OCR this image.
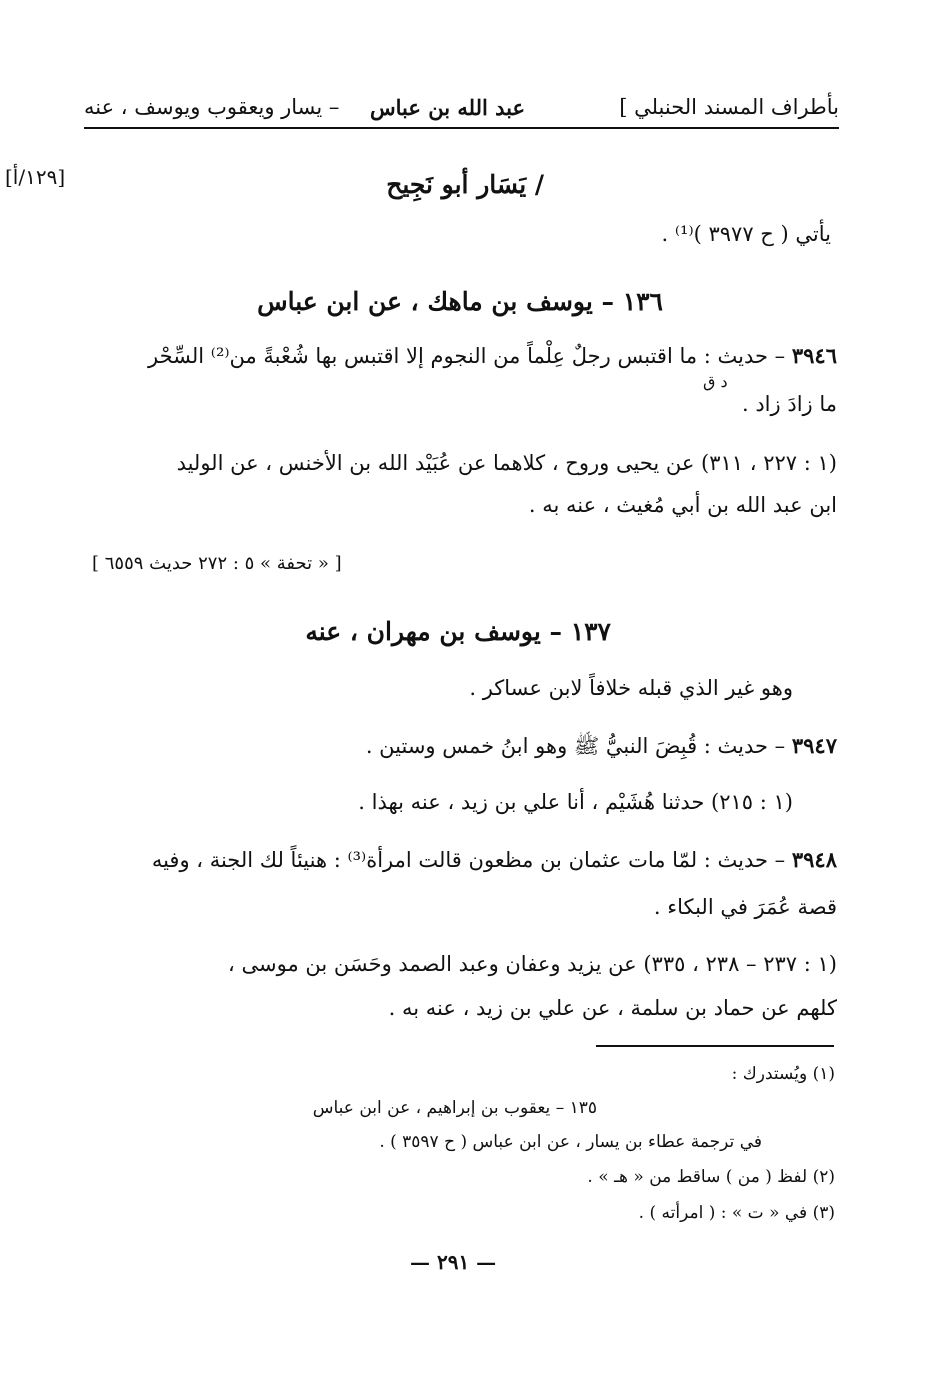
بأطراف المسند الحنبلي ]
عبد الله بن عباس
– يسار ويعقوب ويوسف ، عنه
[١٢٩/أ]	/ يَسَار أبو نَجِيح
يأتي ( ح ٣٩٧٧ )⁽¹⁾ .
١٣٦ – يوسف بن ماهك ، عن ابن عباس
٣٩٤٦ – حديث : ما اقتبس رجلٌ عِلْماً من النجوم إلا اقتبس بها شُعْبةً من⁽²⁾ السِّحْر
د ق
ما زادَ زاد .
(١ : ٢٢٧ ، ٣١١) عن يحيى وروح ، كلاهما عن عُبَيْد الله بن الأخنس ، عن الوليد
ابن عبد الله بن أبي مُغيث ، عنه به .
[ « تحفة » ٥ : ٢٧٢ حديث ٦٥٥٩ ]
١٣٧ – يوسف بن مهران ، عنه
وهو غير الذي قبله خلافاً لابن عساكر .
٣٩٤٧ – حديث : قُبِضَ النبيُّ ﷺ وهو ابنُ خمس وستين .
(١ : ٢١٥) حدثنا هُشَيْم ، أنا علي بن زيد ، عنه بهذا .
٣٩٤٨ – حديث : لمّا مات عثمان بن مظعون قالت امرأة⁽³⁾ : هنيئاً لك الجنة ، وفيه
قصة عُمَرَ في البكاء .
(١ : ٢٣٧ – ٢٣٨ ، ٣٣٥) عن يزيد وعفان وعبد الصمد وحَسَن بن موسى ،
كلهم عن حماد بن سلمة ، عن علي بن زيد ، عنه به .
(١) ويُستدرك :
١٣٥ – يعقوب بن إبراهيم ، عن ابن عباس
في ترجمة عطاء بن يسار ، عن ابن عباس ( ح ٣٥٩٧ ) .
(٢) لفظ ( من ) ساقط من « هـ » .
(٣) في « ت » : ( امرأته ) .
— ٢٩١ —
